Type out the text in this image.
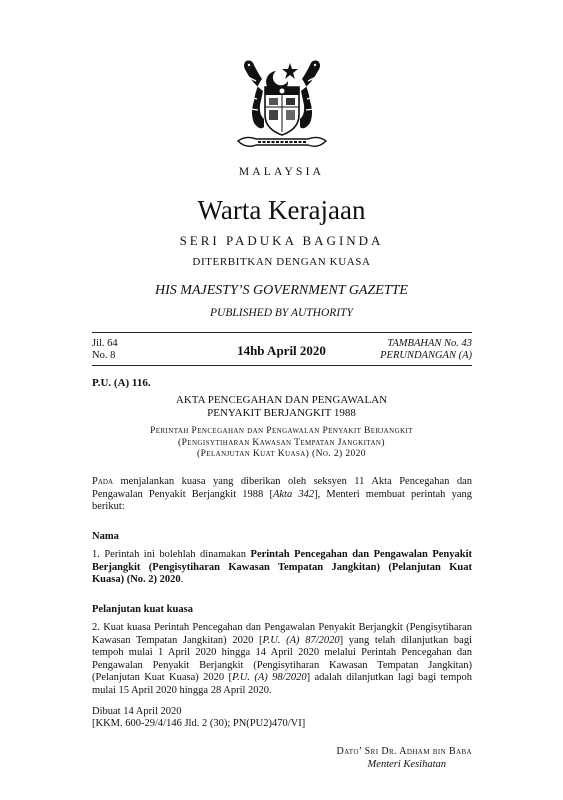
MALAYSIA
Warta Kerajaan
SERI PADUKA BAGINDA
DITERBITKAN DENGAN KUASA
HIS MAJESTY’S GOVERNMENT GAZETTE
PUBLISHED BY AUTHORITY
Jil. 64
No. 8	14hb April 2020	TAMBAHAN No. 43
PERUNDANGAN (A)
P.U. (A) 116.
AKTA PENCEGAHAN DAN PENGAWALAN
PENYAKIT BERJANGKIT 1988
Perintah Pencegahan dan Pengawalan Penyakit Berjangkit
(Pengisytiharan Kawasan Tempatan Jangkitan)
(Pelanjutan Kuat Kuasa) (No. 2) 2020
Pada menjalankan kuasa yang diberikan oleh seksyen 11 Akta Pencegahan dan Pengawalan Penyakit Berjangkit 1988 [Akta 342], Menteri membuat perintah yang berikut:
Nama
1. Perintah ini bolehlah dinamakan Perintah Pencegahan dan Pengawalan Penyakit Berjangkit (Pengisytiharan Kawasan Tempatan Jangkitan) (Pelanjutan Kuat Kuasa) (No. 2) 2020.
Pelanjutan kuat kuasa
2. Kuat kuasa Perintah Pencegahan dan Pengawalan Penyakit Berjangkit (Pengisytiharan Kawasan Tempatan Jangkitan) 2020 [P.U. (A) 87/2020] yang telah dilanjutkan bagi tempoh mulai 1 April 2020 hingga 14 April 2020 melalui Perintah Pencegahan dan Pengawalan Penyakit Berjangkit (Pengisytiharan Kawasan Tempatan Jangkitan) (Pelanjutan Kuat Kuasa) 2020 [P.U. (A) 98/2020] adalah dilanjutkan lagi bagi tempoh mulai 15 April 2020 hingga 28 April 2020.
Dibuat 14 April 2020
[KKM. 600-29/4/146 Jld. 2 (30); PN(PU2)470/VI]
Dato’ Sri Dr. Adham bin Baba
Menteri Kesihatan
